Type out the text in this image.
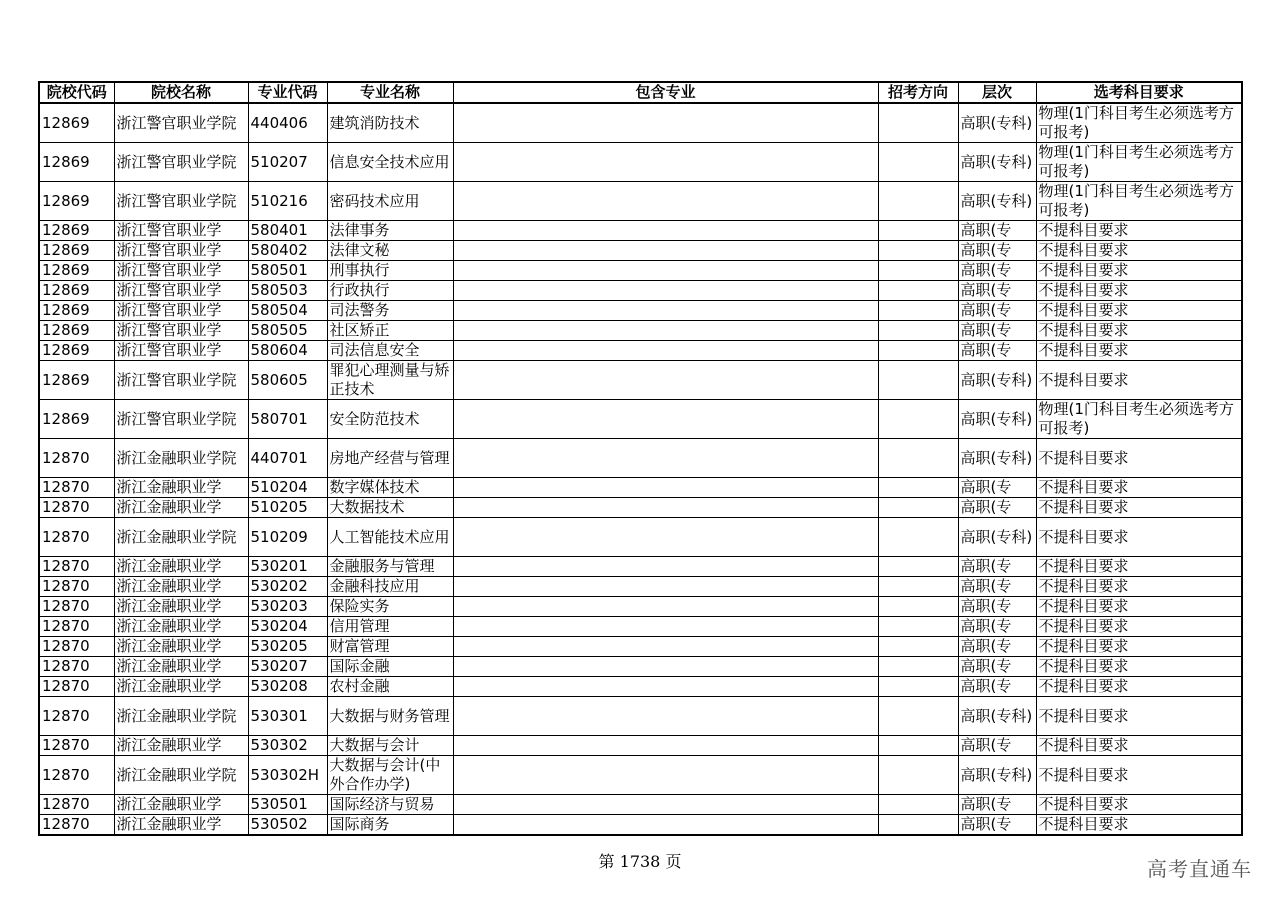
院校代码	院校名称	专业代码	专业名称	包含专业	招考方向	层次	选考科目要求
12869	浙江警官职业学院	440406	建筑消防技术			高职(专科)	物理(1门科目考生必须选考方可报考)
12869	浙江警官职业学院	510207	信息安全技术应用			高职(专科)	物理(1门科目考生必须选考方可报考)
12869	浙江警官职业学院	510216	密码技术应用			高职(专科)	物理(1门科目考生必须选考方可报考)
12869	浙江警官职业学	580401	法律事务			高职(专	不提科目要求
12869	浙江警官职业学	580402	法律文秘			高职(专	不提科目要求
12869	浙江警官职业学	580501	刑事执行			高职(专	不提科目要求
12869	浙江警官职业学	580503	行政执行			高职(专	不提科目要求
12869	浙江警官职业学	580504	司法警务			高职(专	不提科目要求
12869	浙江警官职业学	580505	社区矫正			高职(专	不提科目要求
12869	浙江警官职业学	580604	司法信息安全			高职(专	不提科目要求
12869	浙江警官职业学院	580605	罪犯心理测量与矫正技术			高职(专科)	不提科目要求
12869	浙江警官职业学院	580701	安全防范技术			高职(专科)	物理(1门科目考生必须选考方可报考)
12870	浙江金融职业学院	440701	房地产经营与管理			高职(专科)	不提科目要求
12870	浙江金融职业学	510204	数字媒体技术			高职(专	不提科目要求
12870	浙江金融职业学	510205	大数据技术			高职(专	不提科目要求
12870	浙江金融职业学院	510209	人工智能技术应用			高职(专科)	不提科目要求
12870	浙江金融职业学	530201	金融服务与管理			高职(专	不提科目要求
12870	浙江金融职业学	530202	金融科技应用			高职(专	不提科目要求
12870	浙江金融职业学	530203	保险实务			高职(专	不提科目要求
12870	浙江金融职业学	530204	信用管理			高职(专	不提科目要求
12870	浙江金融职业学	530205	财富管理			高职(专	不提科目要求
12870	浙江金融职业学	530207	国际金融			高职(专	不提科目要求
12870	浙江金融职业学	530208	农村金融			高职(专	不提科目要求
12870	浙江金融职业学院	530301	大数据与财务管理			高职(专科)	不提科目要求
12870	浙江金融职业学	530302	大数据与会计			高职(专	不提科目要求
12870	浙江金融职业学院	530302H	大数据与会计(中外合作办学)			高职(专科)	不提科目要求
12870	浙江金融职业学	530501	国际经济与贸易			高职(专	不提科目要求
12870	浙江金融职业学	530502	国际商务			高职(专	不提科目要求
第 1738 页	高考直通车
